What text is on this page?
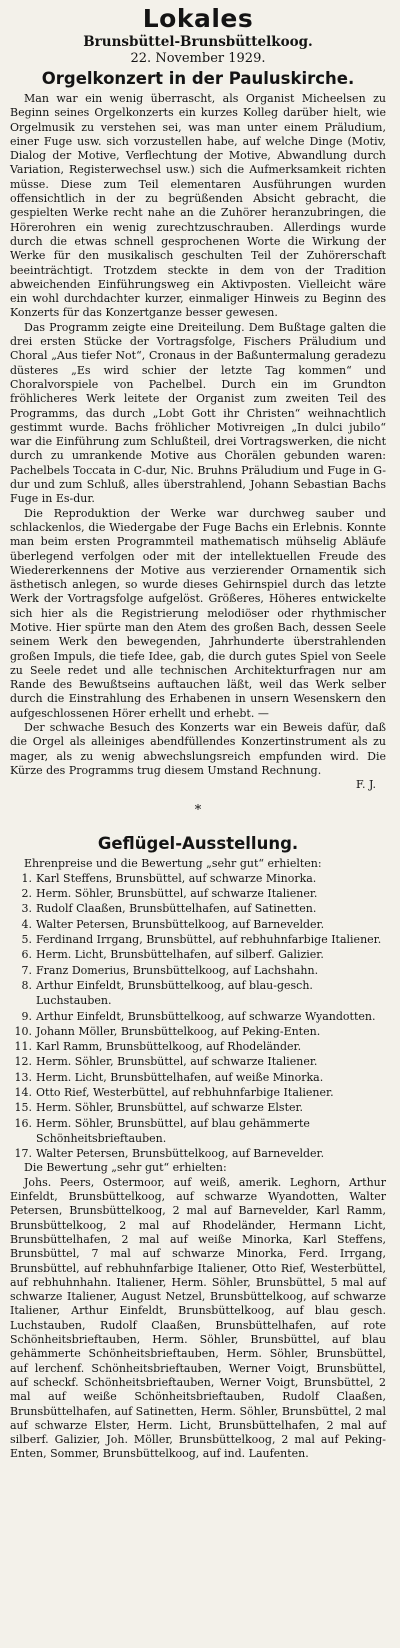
Lokales
Brunsbüttel-Brunsbüttelkoog.
22. November 1929.
Orgelkonzert in der Pauluskirche.

Man war ein wenig überrascht, als Organist Micheelsen zu Beginn seines Orgelkonzerts ein kurzes Kolleg darüber hielt, wie Orgelmusik zu verstehen sei, was man unter einem Präludium, einer Fuge usw. sich vorzustellen habe, auf welche Dinge (Motiv, Dialog der Motive, Verflechtung der Motive, Abwandlung durch Variation, Registerwechsel usw.) sich die Aufmerksamkeit richten müsse. Diese zum Teil elementaren Ausführungen wurden offensichtlich in der zu begrüßenden Absicht gebracht, die gespielten Werke recht nahe an die Zuhörer heranzubringen, die Hörerohren ein wenig zurechtzuschrauben. Allerdings wurde durch die etwas schnell gesprochenen Worte die Wirkung der Werke für den musikalisch geschulten Teil der Zuhörerschaft beeinträchtigt. Trotzdem steckte in dem von der Tradition abweichenden Einführungsweg ein Aktivposten. Vielleicht wäre ein wohl durchdachter kurzer, einmaliger Hinweis zu Beginn des Konzerts für das Konzertganze besser gewesen.

Das Programm zeigte eine Dreiteilung. Dem Bußtage galten die drei ersten Stücke der Vortragsfolge, Fischers Präludium und Choral „Aus tiefer Not“, Cronaus in der Baßuntermalung geradezu düsteres „Es wird schier der letzte Tag kommen“ und Choralvorspiele von Pachelbel. Durch ein im Grundton fröhlicheres Werk leitete der Organist zum zweiten Teil des Programms, das durch „Lobt Gott ihr Christen“ weihnachtlich gestimmt wurde. Bachs fröhlicher Motivreigen „In dulci jubilo“ war die Einführung zum Schlußteil, drei Vortragswerken, die nicht durch zu umrankende Motive aus Chorälen gebunden waren: Pachelbels Toccata in C-dur, Nic. Bruhns Präludium und Fuge in G-dur und zum Schluß, alles überstrahlend, Johann Sebastian Bachs Fuge in Es-dur.

Die Reproduktion der Werke war durchweg sauber und schlackenlos, die Wiedergabe der Fuge Bachs ein Erlebnis. Konnte man beim ersten Programmteil mathematisch mühselig Abläufe überlegend verfolgen oder mit der intellektuellen Freude des Wiedererkennens der Motive aus verzierender Ornamentik sich ästhetisch anlegen, so wurde dieses Gehirnspiel durch das letzte Werk der Vortragsfolge aufgelöst. Größeres, Höheres entwickelte sich hier als die Registrierung melodiöser oder rhythmischer Motive. Hier spürte man den Atem des großen Bach, dessen Seele seinem Werk den bewegenden, Jahrhunderte überstrahlenden großen Impuls, die tiefe Idee, gab, die durch gutes Spiel von Seele zu Seele redet und alle technischen Architekturfragen nur am Rande des Bewußtseins auftauchen läßt, weil das Werk selber durch die Einstrahlung des Erhabenen in unsern Wesenskern den aufgeschlossenen Hörer erhellt und erhebt. —

Der schwache Besuch des Konzerts war ein Beweis dafür, daß die Orgel als alleiniges abendfüllendes Konzertinstrument als zu mager, als zu wenig abwechslungsreich empfunden wird. Die Kürze des Programms trug diesem Umstand Rechnung.

F. J.
*
Geflügel-Ausstellung.

Ehrenpreise und die Bewertung „sehr gut“ erhielten:

1. Karl Steffens, Brunsbüttel, auf schwarze Minorka.
2. Herm. Söhler, Brunsbüttel, auf schwarze Italiener.
3. Rudolf Claaßen, Brunsbüttelhafen, auf Satinetten.
4. Walter Petersen, Brunsbüttelkoog, auf Barnevelder.
5. Ferdinand Irrgang, Brunsbüttel, auf rebhuhnfarbige Italiener.
6. Herm. Licht, Brunsbüttelhafen, auf silberf. Galizier.
7. Franz Domerius, Brunsbüttelkoog, auf Lachshahn.
8. Arthur Einfeldt, Brunsbüttelkoog, auf blau-gesch. Luchstauben.
9. Arthur Einfeldt, Brunsbüttelkoog, auf schwarze Wyandotten.
10. Johann Möller, Brunsbüttelkoog, auf Peking-Enten.
11. Karl Ramm, Brunsbüttelkoog, auf Rhodeländer.
12. Herm. Söhler, Brunsbüttel, auf schwarze Italiener.
13. Herm. Licht, Brunsbüttelhafen, auf weiße Minorka.
14. Otto Rief, Westerbüttel, auf rebhuhnfarbige Italiener.
15. Herm. Söhler, Brunsbüttel, auf schwarze Elster.
16. Herm. Söhler, Brunsbüttel, auf blau gehämmerte Schönheitsbrieftauben.
17. Walter Petersen, Brunsbüttelkoog, auf Barnevelder.

Die Bewertung „sehr gut“ erhielten:

Johs. Peers, Ostermoor, auf weiß, amerik. Leghorn, Arthur Einfeldt, Brunsbüttelkoog, auf schwarze Wyandotten, Walter Petersen, Brunsbüttelkoog, 2 mal auf Barnevelder, Karl Ramm, Brunsbüttelkoog, 2 mal auf Rhodeländer, Hermann Licht, Brunsbüttelhafen, 2 mal auf weiße Minorka, Karl Steffens, Brunsbüttel, 7 mal auf schwarze Minorka, Ferd. Irrgang, Brunsbüttel, auf rebhuhnfarbige Italiener, Otto Rief, Westerbüttel, auf rebhuhnhahn. Italiener, Herm. Söhler, Brunsbüttel, 5 mal auf schwarze Italiener, August Netzel, Brunsbüttelkoog, auf schwarze Italiener, Arthur Einfeldt, Brunsbüttelkoog, auf blau gesch. Luchstauben, Rudolf Claaßen, Brunsbüttelhafen, auf rote Schönheitsbrieftauben, Herm. Söhler, Brunsbüttel, auf blau gehämmerte Schönheitsbrieftauben, Herm. Söhler, Brunsbüttel, auf lerchenf. Schönheitsbrieftauben, Werner Voigt, Brunsbüttel, auf scheckf. Schönheitsbrieftauben, Werner Voigt, Brunsbüttel, 2 mal auf weiße Schönheitsbrieftauben, Rudolf Claaßen, Brunsbüttelhafen, auf Satinetten, Herm. Söhler, Brunsbüttel, 2 mal auf schwarze Elster, Herm. Licht, Brunsbüttelhafen, 2 mal auf silberf. Galizier, Joh. Möller, Brunsbüttelkoog, 2 mal auf Peking-Enten, Sommer, Brunsbüttelkoog, auf ind. Laufenten.
